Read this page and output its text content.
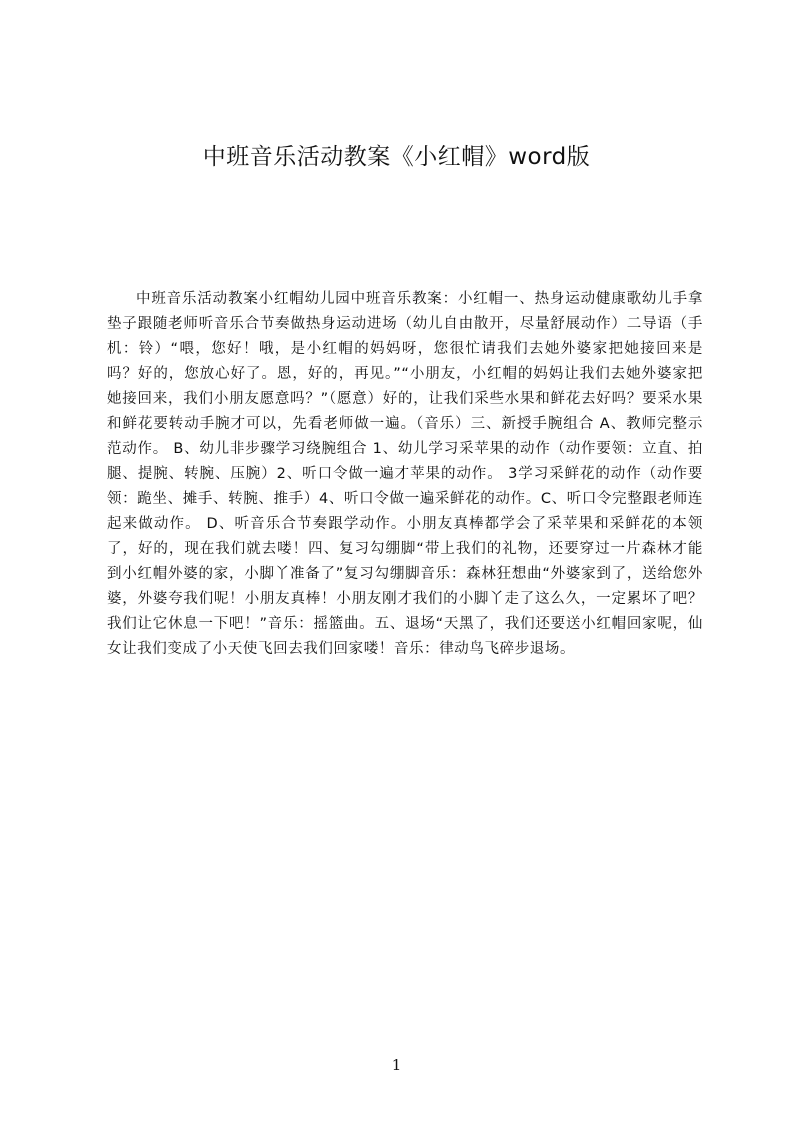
中班音乐活动教案《小红帽》word版

中班音乐活动教案小红帽幼儿园中班音乐教案：小红帽一、热身运动健康歌幼儿手拿垫子跟随老师听音乐合节奏做热身运动进场（幼儿自由散开，尽量舒展动作）二导语（手机：铃）“喂，您好！哦，是小红帽的妈妈呀，您很忙请我们去她外婆家把她接回来是吗？好的，您放心好了。恩，好的，再见。”“小朋友，小红帽的妈妈让我们去她外婆家把她接回来，我们小朋友愿意吗？”（愿意）好的，让我们采些水果和鲜花去好吗？要采水果和鲜花要转动手腕才可以，先看老师做一遍。（音乐）三、新授手腕组合 A、教师完整示范动作。 B、幼儿非步骤学习绕腕组合 1、幼儿学习采苹果的动作（动作要领：立直、拍腿、提腕、转腕、压腕）2、听口令做一遍才苹果的动作。 3学习采鲜花的动作（动作要领：跪坐、摊手、转腕、推手）4、听口令做一遍采鲜花的动作。C、听口令完整跟老师连起来做动作。 D、听音乐合节奏跟学动作。小朋友真棒都学会了采苹果和采鲜花的本领了，好的，现在我们就去喽！四、复习勾绷脚“带上我们的礼物，还要穿过一片森林才能到小红帽外婆的家，小脚丫准备了”复习勾绷脚音乐：森林狂想曲“外婆家到了，送给您外婆，外婆夸我们呢！小朋友真棒！小朋友刚才我们的小脚丫走了这么久，一定累坏了吧？我们让它休息一下吧！”音乐：摇篮曲。五、退场“天黑了，我们还要送小红帽回家呢，仙女让我们变成了小天使飞回去我们回家喽！音乐：律动鸟飞碎步退场。

1
